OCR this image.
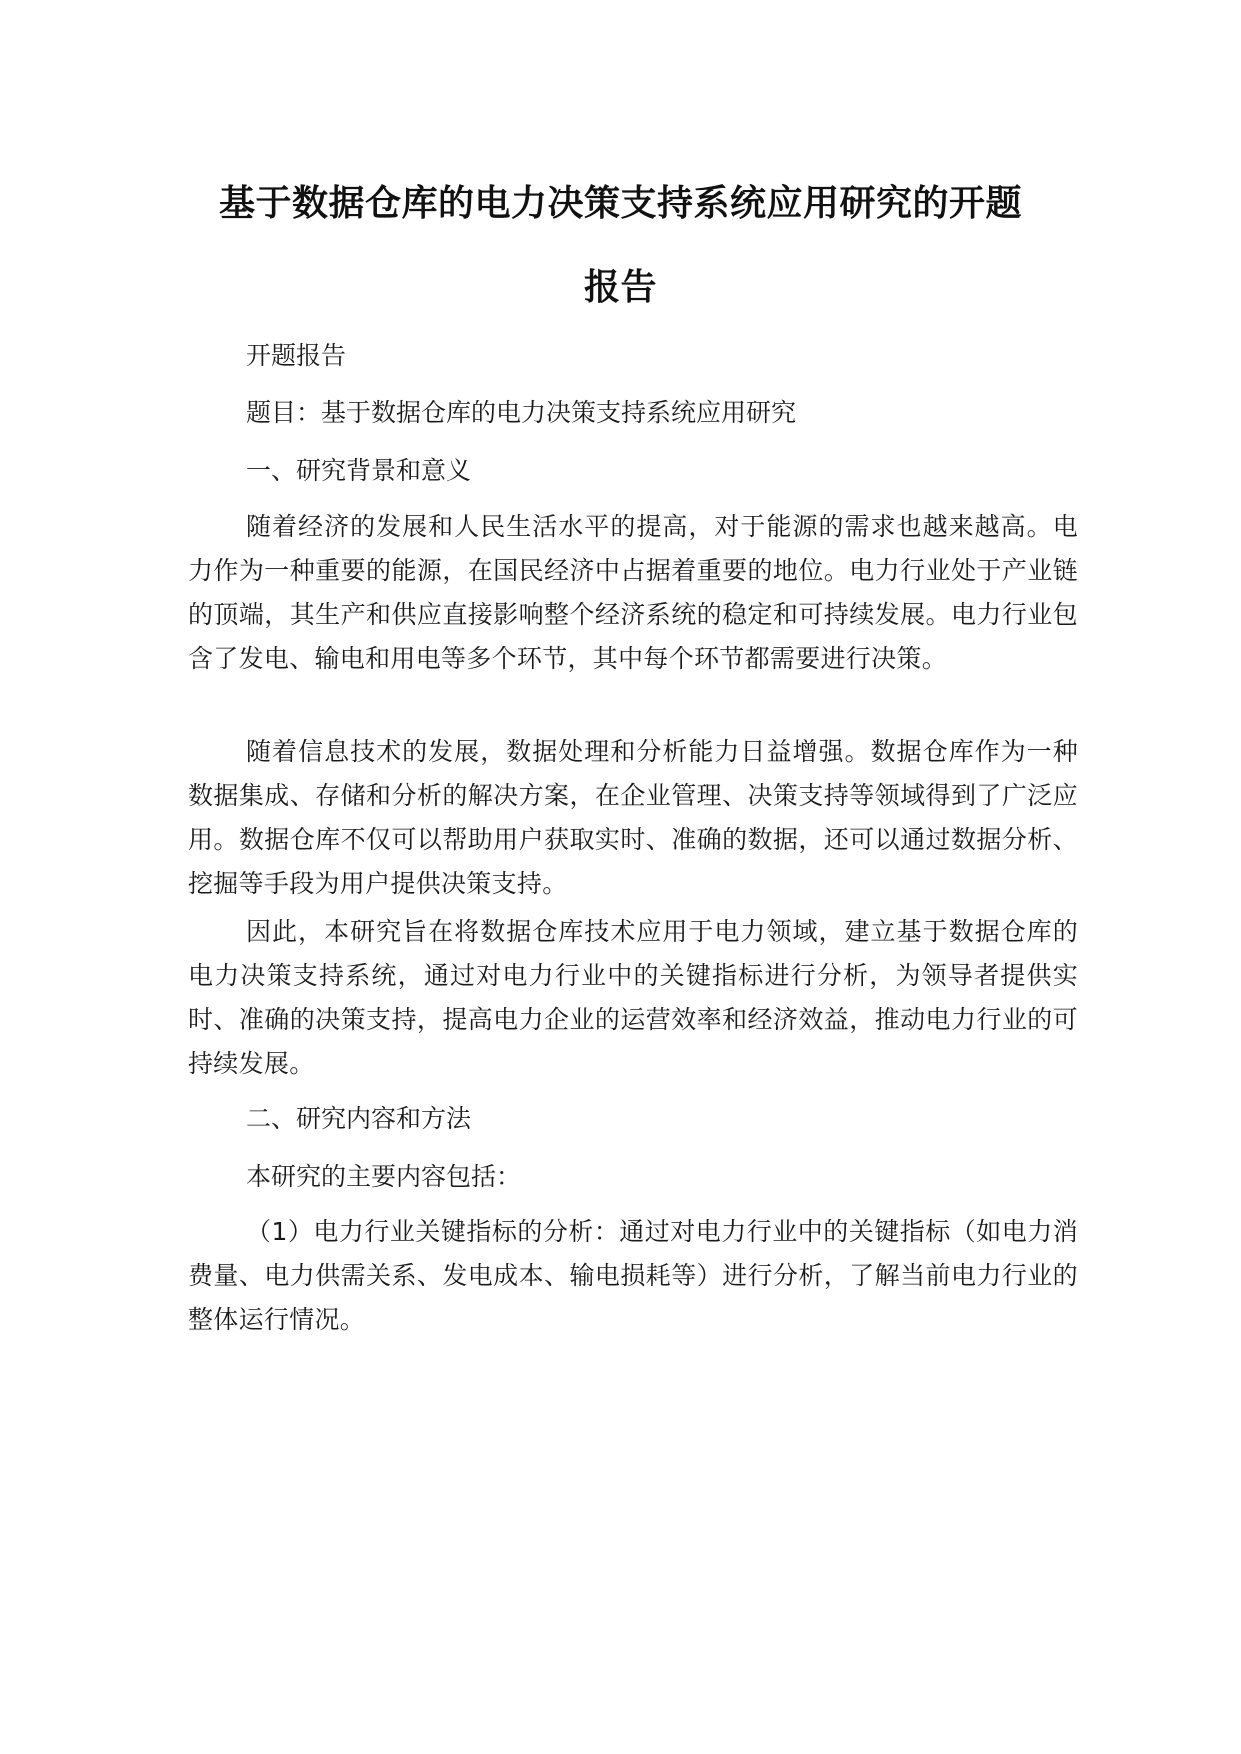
基于数据仓库的电力决策支持系统应用研究的开题
报告
开题报告
题目：基于数据仓库的电力决策支持系统应用研究
一、研究背景和意义
随着经济的发展和人民生活水平的提高，对于能源的需求也越来越高。电力作为一种重要的能源，在国民经济中占据着重要的地位。电力行业处于产业链的顶端，其生产和供应直接影响整个经济系统的稳定和可持续发展。电力行业包含了发电、输电和用电等多个环节，其中每个环节都需要进行决策。
随着信息技术的发展，数据处理和分析能力日益增强。数据仓库作为一种数据集成、存储和分析的解决方案，在企业管理、决策支持等领域得到了广泛应用。数据仓库不仅可以帮助用户获取实时、准确的数据，还可以通过数据分析、挖掘等手段为用户提供决策支持。
因此，本研究旨在将数据仓库技术应用于电力领域，建立基于数据仓库的电力决策支持系统，通过对电力行业中的关键指标进行分析，为领导者提供实时、准确的决策支持，提高电力企业的运营效率和经济效益，推动电力行业的可持续发展。
二、研究内容和方法
本研究的主要内容包括：
（1）电力行业关键指标的分析：通过对电力行业中的关键指标（如电力消费量、电力供需关系、发电成本、输电损耗等）进行分析，了解当前电力行业的整体运行情况。
